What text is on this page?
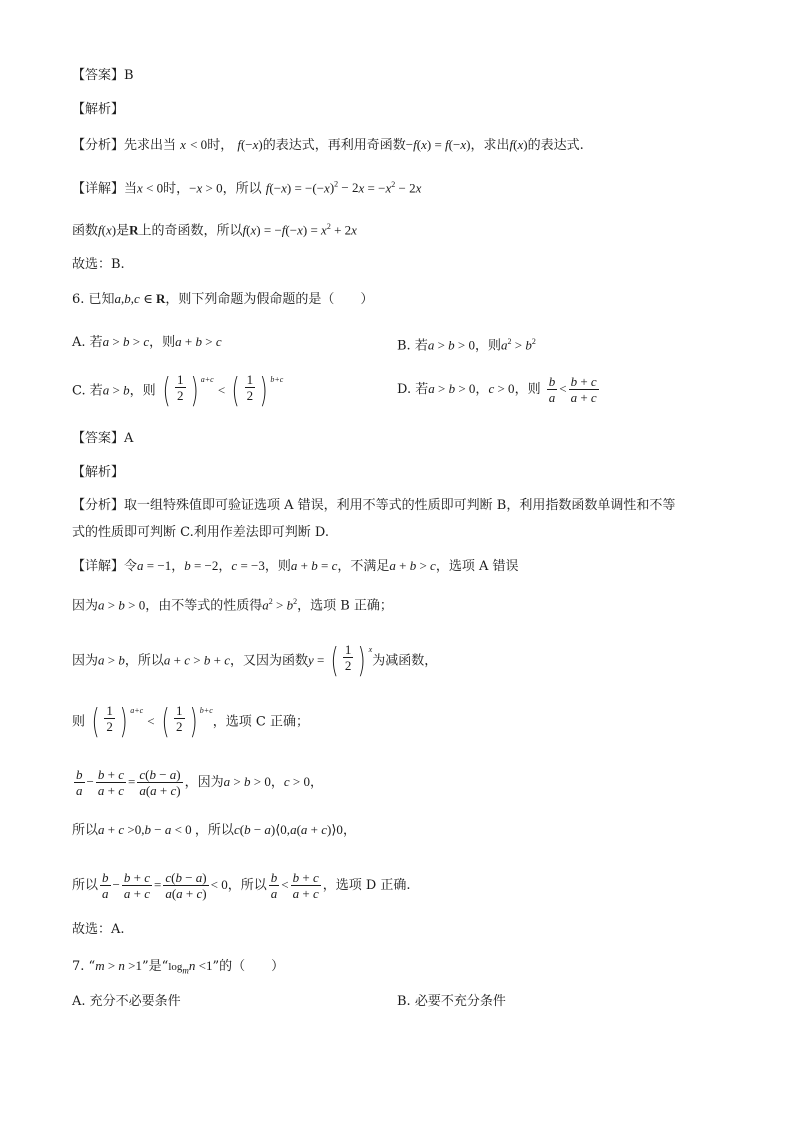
【答案】B
【解析】
【分析】先求出当 x < 0时， f(−x)的表达式，再利用奇函数−f(x) = f(−x)，求出f(x)的表达式.
【详解】当x < 0时，−x > 0，所以 $f(-x) = -(-x)^2 - 2x = -x^2 - 2x$
函数f(x)是R上的奇函数，所以$f(x) = -f(-x) = x^2 + 2x$
故选：B.
6. 已知a,b,c ∈ R，则下列命题为假命题的是（　　）
A. 若a > b > c，则a + b > c	B. 若a > b > 0，则$a^2 > b^2$
C. 若a > b，则 ( $\frac{1}{2}$ ) a+c
< ( $\frac{1}{2}$ ) b+c
D. 若a > b > 0，c > 0，则 $\frac{b}{a} < \frac{b + c}{a + c}$
【答案】A
【解析】
【分析】取一组特殊值即可验证选项 A 错误，利用不等式的性质即可判断 B，利用指数函数单调性和不等
式的性质即可判断 C.利用作差法即可判断 D.
【详解】令a = −1，b = −2，c = −3，则a + b = c，不满足a + b > c，选项 A 错误
因为a > b > 0，由不等式的性质得$a^2 > b^2$，选项 B 正确；
因为a > b，所以a + c > b + c，又因为函数y = ( $\frac{1}{2}$ ) x
为减函数，
则 ( $\frac{1}{2}$ ) a+c
< ( $\frac{1}{2}$ ) b+c
，选项 C 正确；
$\frac{b}{a} - \frac{b + c}{a + c} = \frac{c(b - a)}{a(a + c)}$ ，因为a > b > 0，c > 0，
所以a + c >0,b − a < 0 ，所以c(b − a)⟨0,a(a + c)⟩0，
所以 $\frac{b}{a} - \frac{b + c}{a + c} = \frac{c(b - a)}{a(a + c)} < 0$，所以 $\frac{b}{a} < \frac{b + c}{a + c}$ ，选项 D 正确.
故选：A.
7. “m > n >1”是“$\log_mn <1$”的（　　）
A. 充分不必要条件	B. 必要不充分条件
